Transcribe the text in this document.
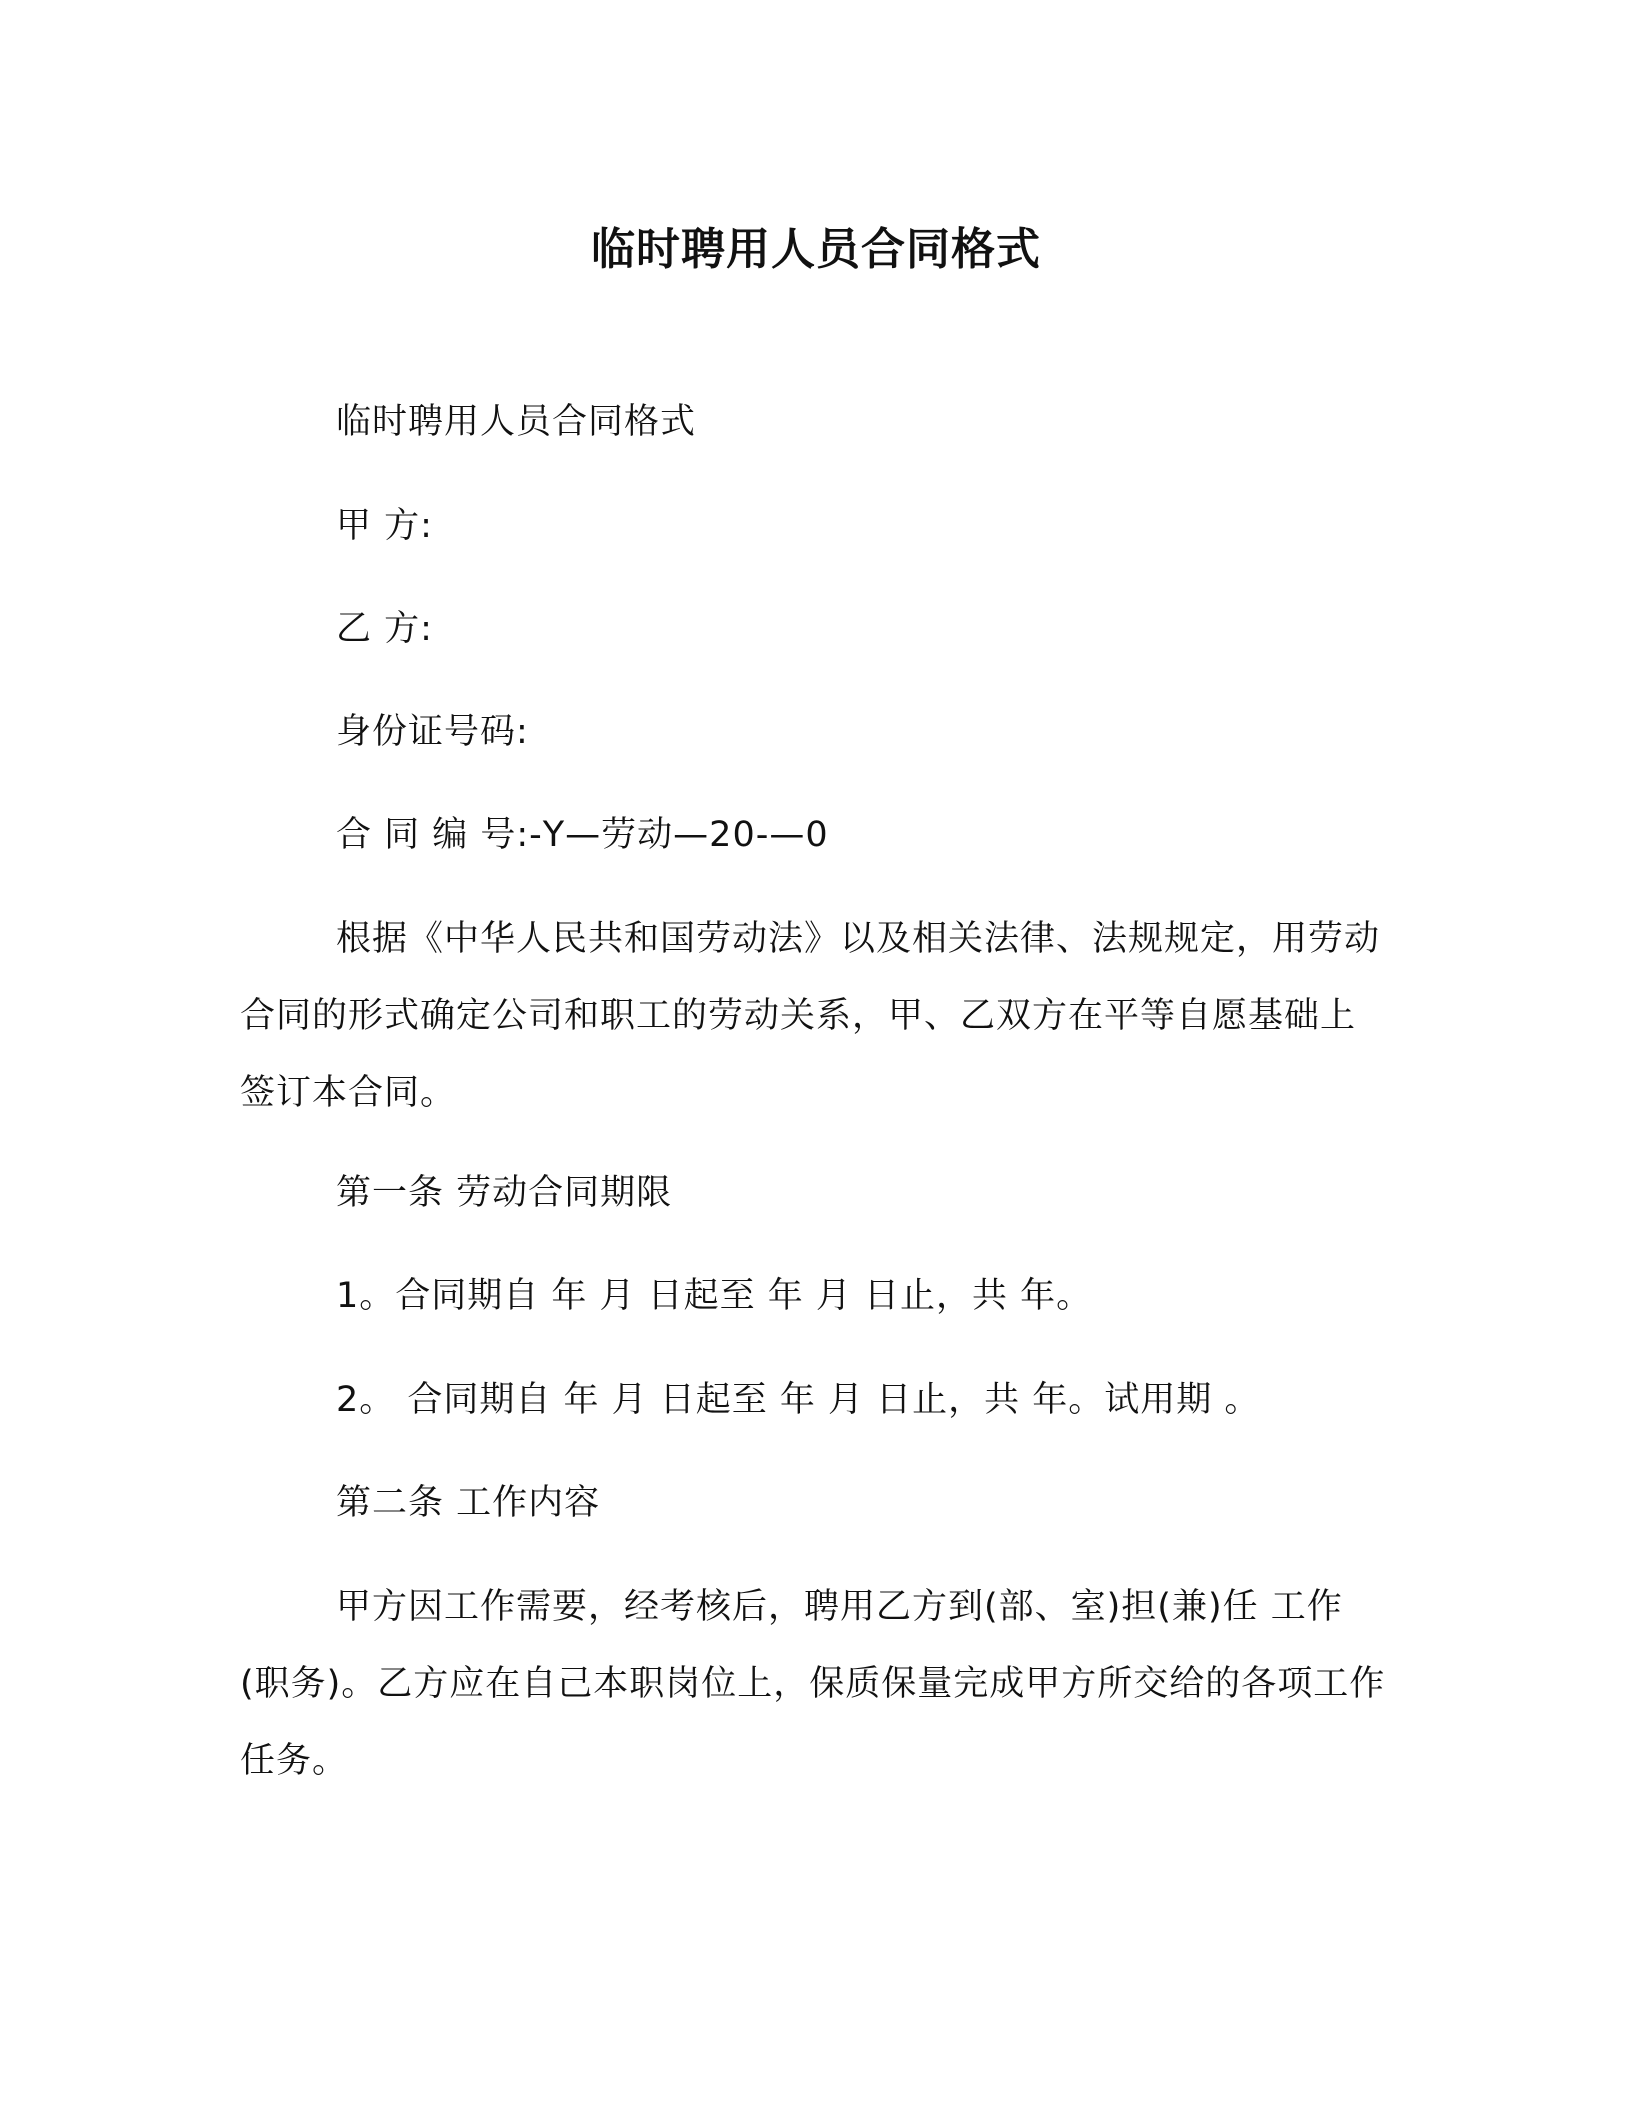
临时聘用人员合同格式
临时聘用人员合同格式
甲 方:
乙 方:
身份证号码:
合 同 编 号:-Y—劳动—20-—0
根据《中华人民共和国劳动法》以及相关法律、法规规定，用劳动合同的形式确定公司和职工的劳动关系，甲、乙双方在平等自愿基础上签订本合同。
第一条 劳动合同期限
1。合同期自 年 月 日起至 年 月 日止，共 年。
2。 合同期自 年 月 日起至 年 月 日止，共 年。试用期 。
第二条 工作内容
甲方因工作需要，经考核后，聘用乙方到(部、室)担(兼)任 工作(职务)。乙方应在自己本职岗位上，保质保量完成甲方所交给的各项工作任务。
